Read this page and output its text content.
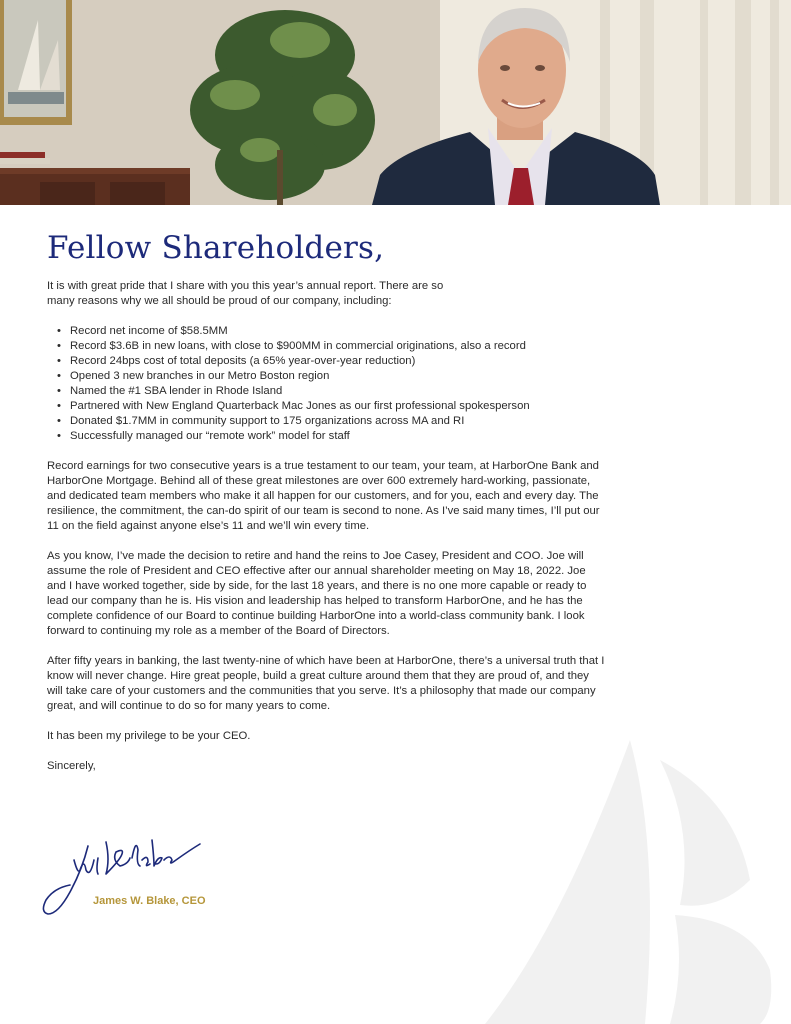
Fellow Shareholders,

It is with great pride that I share with you this year’s annual report. There are so many reasons why we all should be proud of our company, including:

• Record net income of $58.5MM
• Record $3.6B in new loans, with close to $900MM in commercial originations, also a record
• Record 24bps cost of total deposits (a 65% year-over-year reduction)
• Opened 3 new branches in our Metro Boston region
• Named the #1 SBA lender in Rhode Island
• Partnered with New England Quarterback Mac Jones as our first professional spokesperson
• Donated $1.7MM in community support to 175 organizations across MA and RI
• Successfully managed our “remote work” model for staff

Record earnings for two consecutive years is a true testament to our team, your team, at HarborOne Bank and HarborOne Mortgage. Behind all of these great milestones are over 600 extremely hard-working, passionate, and dedicated team members who make it all happen for our customers, and for you, each and every day. The resilience, the commitment, the can-do spirit of our team is second to none. As I’ve said many times, I’ll put our 11 on the field against anyone else’s 11 and we’ll win every time.

As you know, I’ve made the decision to retire and hand the reins to Joe Casey, President and COO. Joe will assume the role of President and CEO effective after our annual shareholder meeting on May 18, 2022. Joe and I have worked together, side by side, for the last 18 years, and there is no one more capable or ready to lead our company than he is. His vision and leadership has helped to transform HarborOne, and he has the complete confidence of our Board to continue building HarborOne into a world-class community bank. I look forward to continuing my role as a member of the Board of Directors.

After fifty years in banking, the last twenty-nine of which have been at HarborOne, there’s a universal truth that I know will never change. Hire great people, build a great culture around them that they are proud of, and they will take care of your customers and the communities that you serve. It’s a philosophy that made our company great, and will continue to do so for many years to come.

It has been my privilege to be your CEO.

Sincerely,

James W. Blake, CEO
